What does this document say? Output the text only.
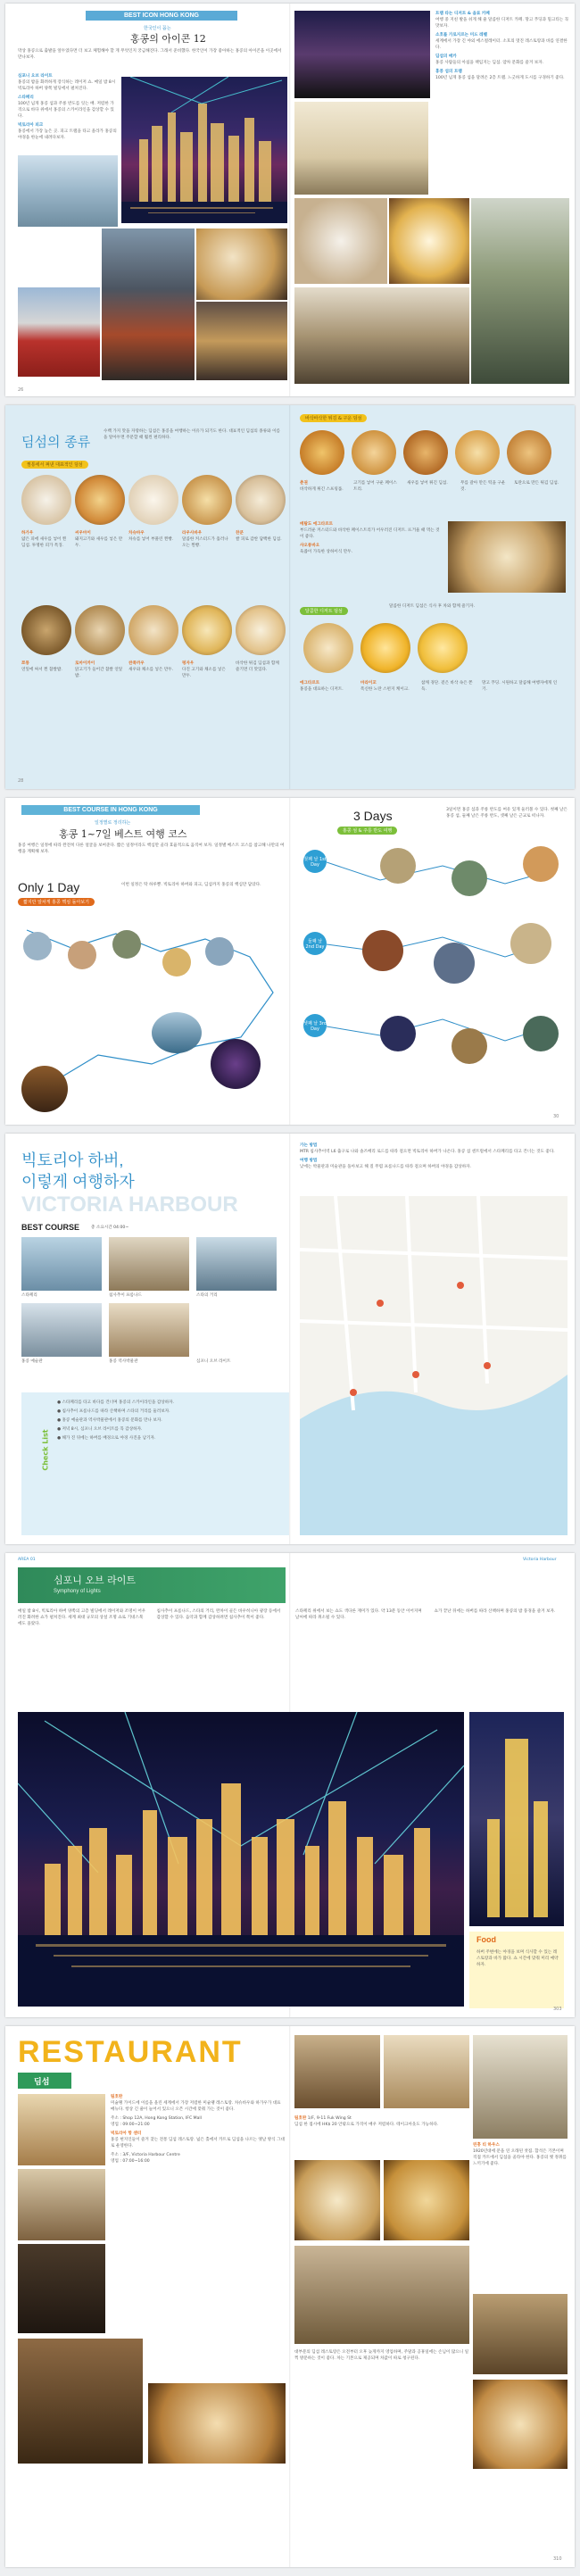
BEST ICON HONG KONG
한국인이 꼽는
홍콩의 아이콘 12
막상 홍콩으로 출발을 앞두었다면 더 보고 체험해야 할 게 무엇인지 궁금해진다. 그래서 준비했다. 한국인이 가장 좋아하는 홍콩의 아이콘을 이곳에서 만나보자.

심포니 오브 라이트
홍콩의 밤을 화려하게 장식하는 레이저 쇼. 매일 밤 8시 빅토리아 하버 양쪽 빌딩에서 펼쳐진다.

스타페리
100년 넘게 홍콩 섬과 주룽 반도를 잇는 배. 저렴한 가격으로 바다 위에서 홍콩의 스카이라인을 감상할 수 있다.

빅토리아 피크
홍콩에서 가장 높은 곳. 피크 트램을 타고 올라가 홍콩의 야경을 한눈에 내려다보자.

26

트램 타는 디저트 & 음료 카페
여행 중 지친 발을 쉬게 해 줄 달콤한 디저트 카페. 망고 푸딩과 밀크티는 꼭 맛보자.

소호를 가로지르는 미드 레벨
세계에서 가장 긴 야외 에스컬레이터. 소호의 멋진 레스토랑과 바를 연결한다.

딤섬의 메카
홍콩 사람들의 아침을 책임지는 딤섬. 얌차 문화를 즐겨 보자.

홍콩 섬의 트램
100년 넘게 홍콩 섬을 달려온 2층 트램. 느긋하게 도시를 구경하기 좋다.

딤섬의 종류
수백 가지 맛을 자랑하는 딤섬은 홍콩을 여행하는 이유가 되기도 한다. 대표적인 딤섬의 종류와 이름을 알아두면 주문할 때 훨씬 편리하다.
찜통에서 쪄낸 대표적인 딤섬
하가우
얇은 피에 새우를 넣어 찐 딤섬. 투명한 피가 특징.
씨우마이
돼지고기와 새우를 넣은 만두.
차슈바우
차슈를 넣어 부풀린 찐빵.
라우사바우
달콤한 커스터드가 흘러나오는 찐빵.
찬쿤
쌀 피로 감싼 담백한 딤섬.
쪼퉁
연잎에 싸서 찐 찹쌀밥.
로마이까이
닭고기가 들어간 찹쌀 연잎밥.
싼쭉까우
새우와 채소를 넣은 만두.
펑자우
다진 고기와 채소를 넣은 만두.
바삭한 튀김 딤섬과 함께 즐기면 더 맛있다.
바삭바삭한 튀김 & 구운 딤섬
춘권
바삭하게 튀긴 스프링롤.
고기를 넣어 구운 페이스트리.
새우를 넣어 튀긴 딤섬.	무를 갈아 만든 떡을 구운 것.
토란으로 만든 튀김 딤섬.

메탐도 에그타르트
부드러운 커스터드와 바삭한 페이스트리가 어우러진 디저트. 뜨거울 때 먹는 것이 좋다.

샤오롱바오
육즙이 가득한 상하이식 만두.

달콤한 디저트 딤섬
달콤한 디저트 딤섬은 식사 후 차와 함께 즐기자.
에그타르트
홍콩을 대표하는 디저트.
마라이꼬
폭신한 노란 스펀지 케이크.
참깨 경단. 겉은 바삭 속은 쫀득.
망고 푸딩. 시원하고 달콤해 여행자에게 인기.
28
BEST COURSE IN HONG KONG
일정별로 정리하는
홍콩 1~7일 베스트 여행 코스
홍콩 여행은 일정에 따라 완전히 다른 얼굴을 보여준다. 짧은 일정이라도 핵심만 골라 효율적으로 움직여 보자. 일정별 베스트 코스를 참고해 나만의 여행을 계획해 보자.
Only 1 Day
짧지만 알차게 홍콩 핵심 돌아보기
이번 일정은 딱 하루뿐. 빅토리아 하버와 피크, 딤섬까지 홍콩의 핵심만 담았다.
3 Days
홍콩 섬 & 주룽 반도 여행
3일이면 홍콩 섬과 주룽 반도를 여유 있게 둘러볼 수 있다. 첫째 날은 홍콩 섬, 둘째 날은 주룽 반도, 셋째 날은 근교로 떠나자.
첫째 날 1st Day
둘째 날 2nd Day
셋째 날 3rd Day
30
빅토리아 하버,
이렇게 여행하자
VICTORIA HARBOUR
BEST COURSE	총 소요시간 04:00~
스타페리	침사추이 프롬나드	스타의 거리
홍콩 예술관	홍콩 역사박물관	심포니 오브 라이트
Check List

● 스타페리를 타고 바다를 건너며 홍콩의 스카이라인을 감상하자.

● 침사추이 프롬나드를 따라 산책하며 스타의 거리를 둘러보자.

● 홍콩 예술관과 역사박물관에서 홍콩의 문화를 만나 보자.

● 저녁 8시, 심포니 오브 라이트를 꼭 감상하자.

● 해가 진 뒤에는 하버를 배경으로 야경 사진을 남기자.

가는 방법
MTR 침사추이역 L6 출구로 나와 솔즈베리 로드를 따라 걸으면 빅토리아 하버가 나온다. 홍콩 섬 센트럴에서 스타페리를 타고 건너는 것도 좋다.

여행 방법
낮에는 박물관과 미술관을 돌아보고 해 질 무렵 프롬나드를 따라 걸으며 하버의 야경을 감상하자.

AREA 01	Victoria Harbour
심포니 오브 라이트
Symphony of Lights

매일 밤 8시, 빅토리아 하버 양쪽의 고층 빌딩에서 레이저와 조명이 어우러진 화려한 쇼가 펼쳐진다. 세계 최대 규모의 상설 조명 쇼로 기네스북에도 올랐다.

침사추이 프롬나드, 스타의 거리, 완차이 골든 바우히니아 광장 등에서 감상할 수 있다. 음악과 함께 감상하려면 침사추이 쪽이 좋다.

스타페리 위에서 보는 쇼도 색다른 재미가 있다. 약 13분 동안 이어지며 날씨에 따라 취소될 수 있다.

쇼가 끝난 뒤에는 하버를 따라 산책하며 홍콩의 밤 풍경을 즐겨 보자.

Food
하버 주변에는 야경을 보며 식사할 수 있는 레스토랑과 바가 많다. 쇼 시간에 맞춰 미리 예약하자.
303
RESTAURANT
딤섬

팀호완
미슐랭 가이드에 이름을 올린 세계에서 가장 저렴한 미슐랭 레스토랑. 차슈바우와 하가우가 대표 메뉴다. 항상 긴 줄이 늘어서 있으니 오픈 시간에 맞춰 가는 것이 좋다.

주소 : Shop 12A, Hong Kong Station, IFC Mall
영업 : 09:00~21:00

빅토리아 항 센터
홍콩 현지인들이 즐겨 찾는 전통 딤섬 레스토랑. 넓은 홀에서 카트로 딤섬을 나르는 옛날 방식 그대로 운영한다.

주소 : 3/F, Victoria Harbour Centre
영업 : 07:00~16:00

팀호완 1/F, 9-11 Fuk Wing St
딤섬 한 접시에 HK$ 20 안팎으로 가격이 매우 저렴하다. 테이크아웃도 가능하다.

린흥 티 하우스
1920년대에 문을 연 오래된 찻집. 합석은 기본이며 직접 카트에서 딤섬을 골라야 한다. 홍콩의 옛 정취를 느끼기에 좋다.

대부분의 딤섬 레스토랑은 오전부터 오후 늦게까지 영업하며, 주말과 공휴일에는 손님이 많으니 일찍 방문하는 것이 좋다. 차는 기본으로 제공되며 차값이 따로 청구된다.

310
